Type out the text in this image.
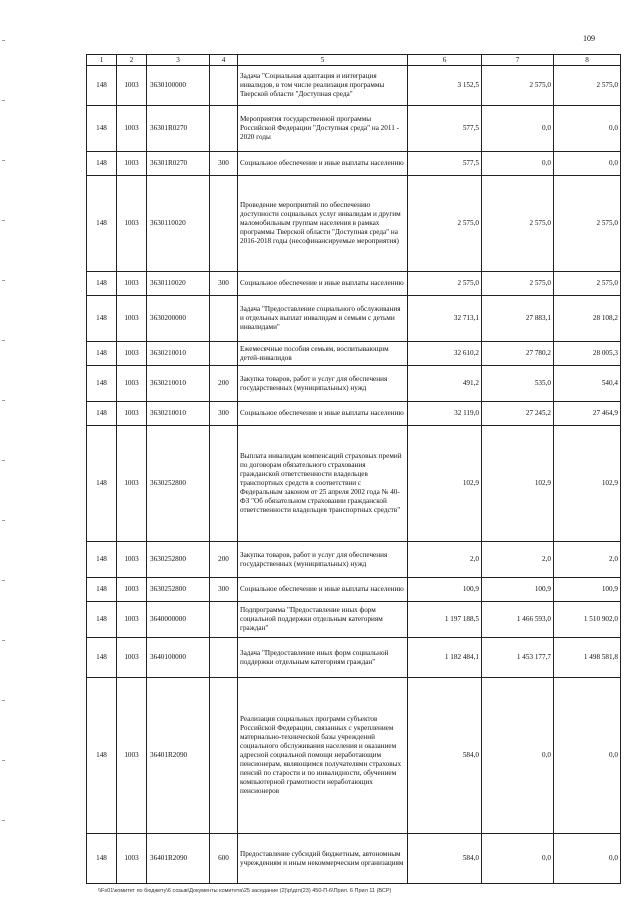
109
1	2	3	4	5	6	7	8
148	1003	3630100000		Задача "Социальная адаптация и интеграция инвалидов, в том числе реализация программы Тверской области "Доступная среда"	3 152,5	2 575,0	2 575,0
148	1003	36301R0270		Мероприятия государственной программы Российской Федерации "Доступная среда" на 2011 - 2020 годы	577,5	0,0	0,0
148	1003	36301R0270	300	Социальное обеспечение и иные выплаты населению	577,5	0,0	0,0
148	1003	3630110020		Проведение мероприятий по обеспечению доступности социальных услуг инвалидам и другим маломобильным группам населения в рамках программы Тверской области "Доступная среда" на 2016-2018 годы (несофинансируемые мероприятия)	2 575,0	2 575,0	2 575,0
148	1003	3630110020	300	Социальное обеспечение и иные выплаты населению	2 575,0	2 575,0	2 575,0
148	1003	3630200000		Задача "Предоставление социального обслуживания и отдельных выплат инвалидам и семьям с детьми инвалидами"	32 713,1	27 883,1	28 108,2
148	1003	3630210010		Ежемесячные пособия семьям, воспитывающим детей-инвалидов	32 610,2	27 780,2	28 005,3
148	1003	3630210010	200	Закупка товаров, работ и услуг для обеспечения государственных (муниципальных) нужд	491,2	535,0	540,4
148	1003	3630210010	300	Социальное обеспечение и иные выплаты населению	32 119,0	27 245,2	27 464,9
148	1003	3630252800		Выплата инвалидам компенсаций страховых премий по договорам обязательного страхования гражданской ответственности владельцев транспортных средств в соответствии с Федеральным законом от 25 апреля 2002 года № 40-ФЗ "Об обязательном страховании гражданской ответственности владельцев транспортных средств"	102,9	102,9	102,9
148	1003	3630252800	200	Закупка товаров, работ и услуг для обеспечения государственных (муниципальных) нужд	2,0	2,0	2,0
148	1003	3630252800	300	Социальное обеспечение и иные выплаты населению	100,9	100,9	100,9
148	1003	3640000000		Подпрограмма "Предоставление иных форм социальной поддержки отдельным категориям граждан"	1 197 188,5	1 466 593,0	1 510 902,0
148	1003	3640100000		Задача "Предоставление иных форм социальной поддержки отдельным категориям граждан"	1 182 484,1	1 453 177,7	1 498 581,8
148	1003	36401R2090		Реализация социальных программ субъектов Российской Федерации, связанных с укреплением материально-технической базы учреждений социального обслуживания населения и оказанием адресной социальной помощи неработающим пенсионерам, являющимся получателями страховых пенсий по старости и по инвалидности, обучением компьютерной грамотности неработающих пенсионеров	584,0	0,0	0,0
148	1003	36401R2090	600	Предоставление субсидий бюджетным, автономным учреждениям и иным некоммерческим организациям	584,0	0,0	0,0
\\Fs01\комитет по бюджету\6 созыв\Документы комитета\25 заседание (2)\р\дгл(23) 450-П-6\Прил. 6 Прил 11 (ВСР)
